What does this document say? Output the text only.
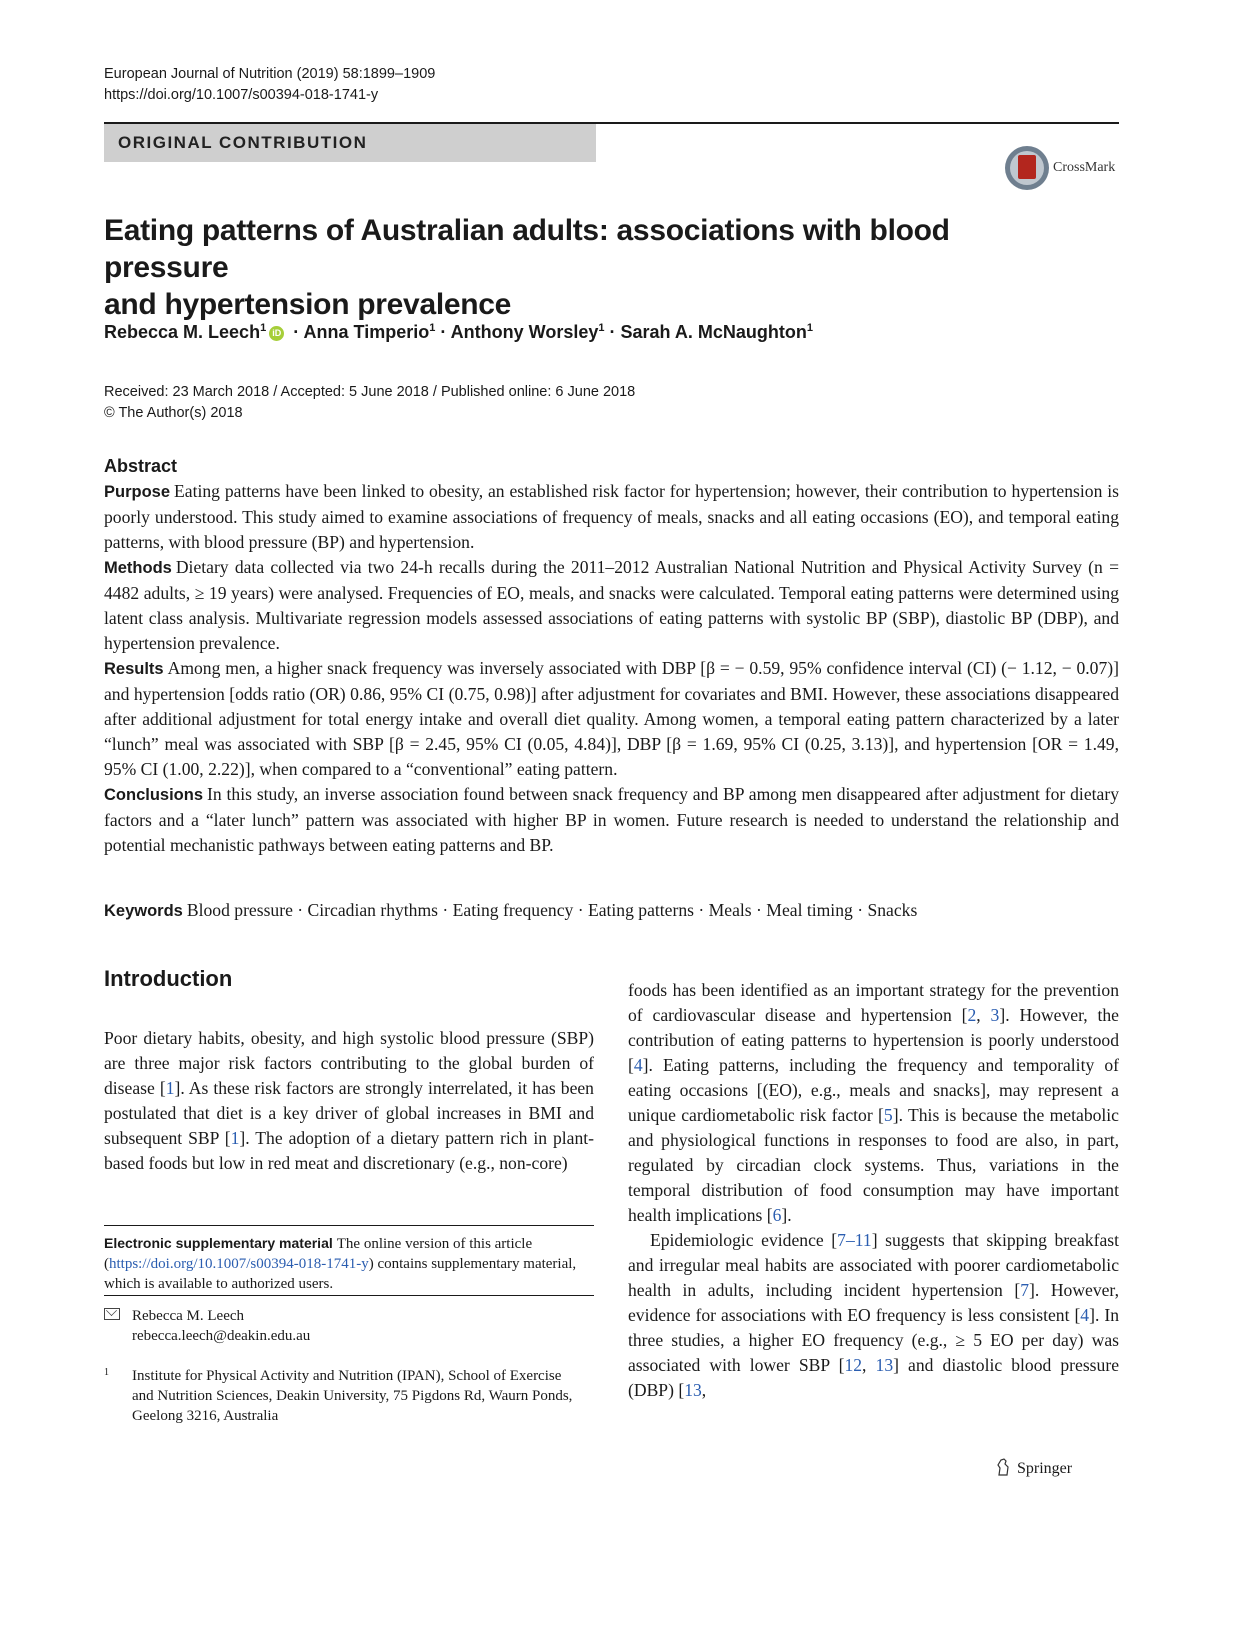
European Journal of Nutrition (2019) 58:1899–1909
https://doi.org/10.1007/s00394-018-1741-y
ORIGINAL CONTRIBUTION
CrossMark
Eating patterns of Australian adults: associations with blood pressure
and hypertension prevalence
Rebecca M. Leech$^1$ iD · Anna Timperio$^1$ · Anthony Worsley$^1$ · Sarah A. McNaughton$^1$
Received: 23 March 2018 / Accepted: 5 June 2018 / Published online: 6 June 2018
© The Author(s) 2018
Abstract

Purpose Eating patterns have been linked to obesity, an established risk factor for hypertension; however, their contribution to hypertension is poorly understood. This study aimed to examine associations of frequency of meals, snacks and all eating occasions (EO), and temporal eating patterns, with blood pressure (BP) and hypertension.

Methods Dietary data collected via two 24-h recalls during the 2011–2012 Australian National Nutrition and Physical Activity Survey (n = 4482 adults, ≥ 19 years) were analysed. Frequencies of EO, meals, and snacks were calculated. Temporal eating patterns were determined using latent class analysis. Multivariate regression models assessed associations of eating patterns with systolic BP (SBP), diastolic BP (DBP), and hypertension prevalence.

Results Among men, a higher snack frequency was inversely associated with DBP [β = − 0.59, 95% confidence interval (CI) (− 1.12, − 0.07)] and hypertension [odds ratio (OR) 0.86, 95% CI (0.75, 0.98)] after adjustment for covariates and BMI. However, these associations disappeared after additional adjustment for total energy intake and overall diet quality. Among women, a temporal eating pattern characterized by a later “lunch” meal was associated with SBP [β = 2.45, 95% CI (0.05, 4.84)], DBP [β = 1.69, 95% CI (0.25, 3.13)], and hypertension [OR = 1.49, 95% CI (1.00, 2.22)], when compared to a “conventional” eating pattern.

Conclusions In this study, an inverse association found between snack frequency and BP among men disappeared after adjustment for dietary factors and a “later lunch” pattern was associated with higher BP in women. Future research is needed to understand the relationship and potential mechanistic pathways between eating patterns and BP.

Keywords Blood pressure · Circadian rhythms · Eating frequency · Eating patterns · Meals · Meal timing · Snacks
Introduction

Poor dietary habits, obesity, and high systolic blood pressure (SBP) are three major risk factors contributing to the global burden of disease [1]. As these risk factors are strongly interrelated, it has been postulated that diet is a key driver of global increases in BMI and subsequent SBP [1]. The adoption of a dietary pattern rich in plant-based foods but low in red meat and discretionary (e.g., non-core)

foods has been identified as an important strategy for the prevention of cardiovascular disease and hypertension [2, 3]. However, the contribution of eating patterns to hypertension is poorly understood [4]. Eating patterns, including the frequency and temporality of eating occasions [(EO), e.g., meals and snacks], may represent a unique cardiometabolic risk factor [5]. This is because the metabolic and physiological functions in responses to food are also, in part, regulated by circadian clock systems. Thus, variations in the temporal distribution of food consumption may have important health implications [6].

Epidemiologic evidence [7–11] suggests that skipping breakfast and irregular meal habits are associated with poorer cardiometabolic health in adults, including incident hypertension [7]. However, evidence for associations with EO frequency is less consistent [4]. In three studies, a higher EO frequency (e.g., ≥ 5 EO per day) was associated with lower SBP [12, 13] and diastolic blood pressure (DBP) [13,

Electronic supplementary material The online version of this article (https://doi.org/10.1007/s00394-018-1741-y) contains supplementary material, which is available to authorized users.
Rebecca M. Leech
rebecca.leech@deakin.edu.au
1	Institute for Physical Activity and Nutrition (IPAN), School of Exercise and Nutrition Sciences, Deakin University, 75 Pigdons Rd, Waurn Ponds, Geelong 3216, Australia
Springer
